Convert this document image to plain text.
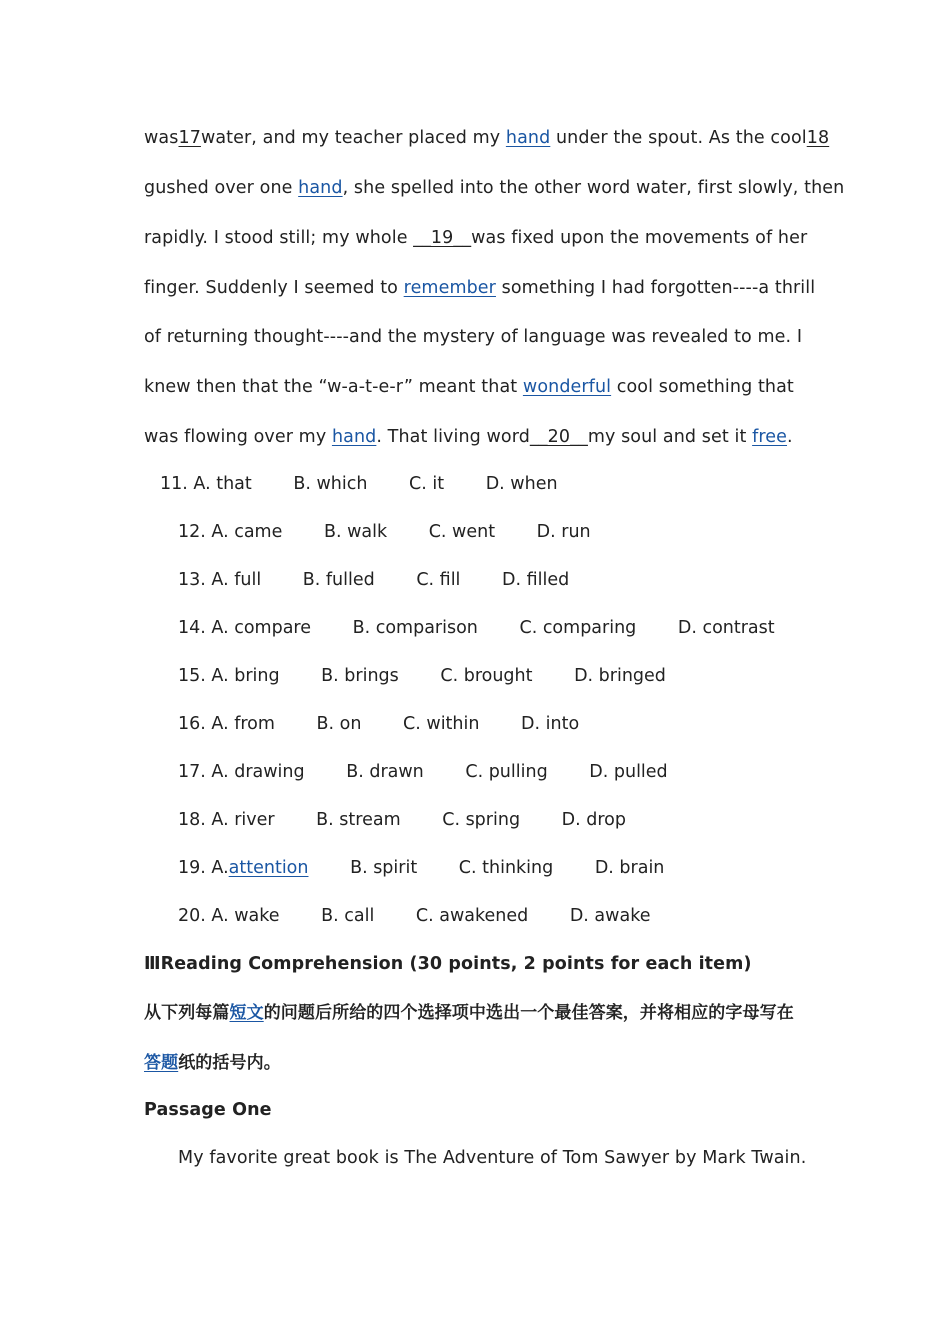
was17water, and my teacher placed my hand under the spout. As the cool18
gushed over one hand, she spelled into the other word water, first slowly, then
rapidly. I stood still; my whole __19__was fixed upon the movements of her
finger. Suddenly I seemed to remember something I had forgotten----a thrill
of returning thought----and the mystery of language was revealed to me. I
knew then that the “w-a-t-e-r” meant that wonderful cool something that
was flowing over my hand. That living word__20__my soul and set it free.
11. A. that B. which C. it D. when
12. A. came B. walk C. went D. run
13. A. full B. fulled C. fill D. filled
14. A. compare B. comparison C. comparing D. contrast
15. A. bring B. brings C. brought D. bringed
16. A. from B. on C. within D. into
17. A. drawing B. drawn C. pulling D. pulled
18. A. river B. stream C. spring D. drop
19. A.attention B. spirit C. thinking D. brain
20. A. wake B. call C. awakened D. awake
ⅢReading Comprehension (30 points, 2 points for each item)
从下列每篇短文的问题后所给的四个选择项中选出一个最佳答案，并将相应的字母写在
答题纸的括号内。
Passage One
My favorite great book is The Adventure of Tom Sawyer by Mark Twain.
